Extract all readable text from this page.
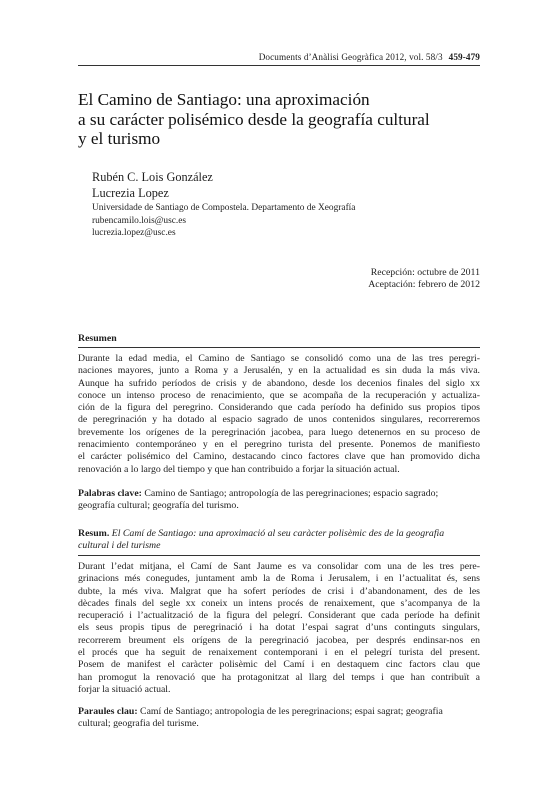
Documents d’Anàlisi Geogràfica 2012, vol. 58/3 459-479
El Camino de Santiago: una aproximación
a su carácter polisémico desde la geografía cultural
y el turismo
Rubén C. Lois González
Lucrezia Lopez
Universidade de Santiago de Compostela. Departamento de Xeografía
rubencamilo.lois@usc.es
lucrezia.lopez@usc.es
Recepción: octubre de 2011
Aceptación: febrero de 2012
Resumen
Durante la edad media, el Camino de Santiago se consolidó como una de las tres peregri-
naciones mayores, junto a Roma y a Jerusalén, y en la actualidad es sin duda la más viva.
Aunque ha sufrido períodos de crisis y de abandono, desde los decenios finales del siglo xx
conoce un intenso proceso de renacimiento, que se acompaña de la recuperación y actualiza-
ción de la figura del peregrino. Considerando que cada período ha definido sus propios tipos
de peregrinación y ha dotado al espacio sagrado de unos contenidos singulares, recorreremos
brevemente los orígenes de la peregrinación jacobea, para luego detenernos en su proceso de
renacimiento contemporáneo y en el peregrino turista del presente. Ponemos de manifiesto
el carácter polisémico del Camino, destacando cinco factores clave que han promovido dicha
renovación a lo largo del tiempo y que han contribuido a forjar la situación actual.
Palabras clave: Camino de Santiago; antropología de las peregrinaciones; espacio sagrado;
geografía cultural; geografía del turismo.
Resum. El Camí de Santiago: una aproximació al seu caràcter polisèmic des de la geografia
cultural i del turisme
Durant l’edat mitjana, el Camí de Sant Jaume es va consolidar com una de les tres pere-
grinacions més conegudes, juntament amb la de Roma i Jerusalem, i en l’actualitat és, sens
dubte, la més viva. Malgrat que ha sofert períodes de crisi i d’abandonament, des de les
dècades finals del segle xx coneix un intens procés de renaixement, que s’acompanya de la
recuperació i l’actualització de la figura del pelegrí. Considerant que cada període ha definit
els seus propis tipus de peregrinació i ha dotat l’espai sagrat d’uns continguts singulars,
recorrerem breument els orígens de la peregrinació jacobea, per després endinsar-nos en
el procés que ha seguit de renaixement contemporani i en el pelegrí turista del present.
Posem de manifest el caràcter polisèmic del Camí i en destaquem cinc factors clau que
han promogut la renovació que ha protagonitzat al llarg del temps i que han contribuït a
forjar la situació actual.
Paraules clau: Camí de Santiago; antropologia de les peregrinacions; espai sagrat; geografia
cultural; geografia del turisme.
